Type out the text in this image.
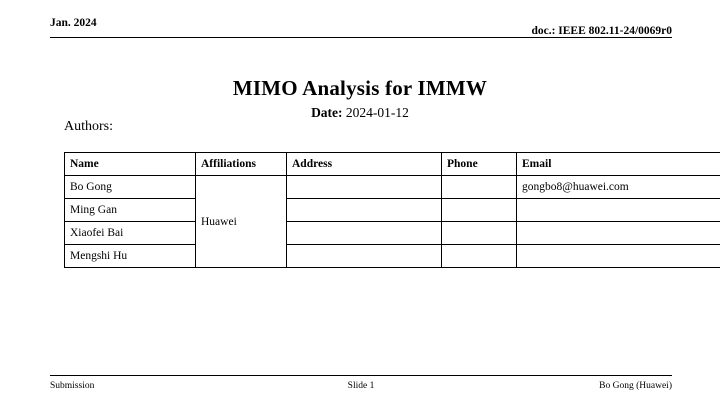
Jan. 2024
doc.: IEEE 802.11-24/0069r0
MIMO Analysis for IMMW
Date: 2024-01-12
Authors:
Name	Affiliations	Address	Phone	Email
Bo Gong	Huawei			gongbo8@huawei.com
Ming Gan				
Xiaofei Bai				
Mengshi Hu				
Submission	Slide 1	Bo Gong (Huawei)
